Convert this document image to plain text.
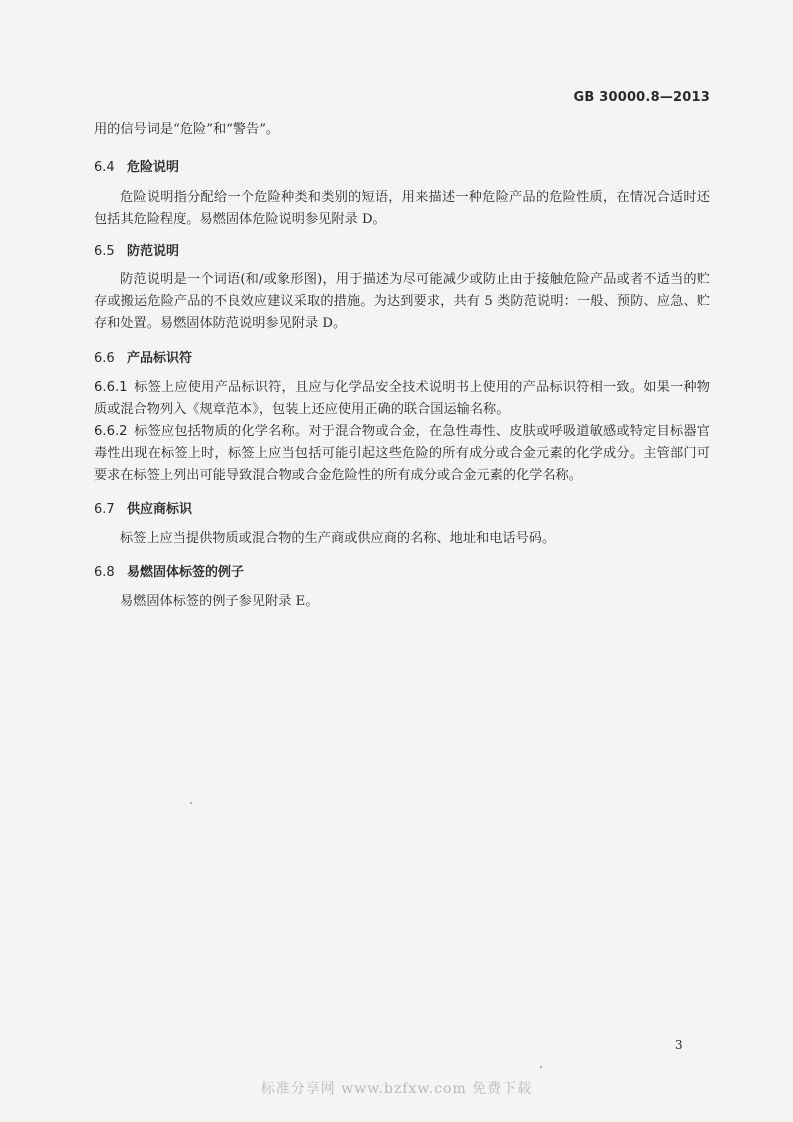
GB 30000.8—2013
用的信号词是“危险”和“警告”。
6.4 危险说明
危险说明指分配给一个危险种类和类别的短语，用来描述一种危险产品的危险性质，在情况合适时还包括其危险程度。易燃固体危险说明参见附录 D。
6.5 防范说明
防范说明是一个词语(和/或象形图)，用于描述为尽可能减少或防止由于接触危险产品或者不适当的贮存或搬运危险产品的不良效应建议采取的措施。为达到要求，共有 5 类防范说明：一般、预防、应急、贮存和处置。易燃固体防范说明参见附录 D。
6.6 产品标识符
6.6.1 标签上应使用产品标识符，且应与化学品安全技术说明书上使用的产品标识符相一致。如果一种物质或混合物列入《规章范本》，包装上还应使用正确的联合国运输名称。
6.6.2 标签应包括物质的化学名称。对于混合物或合金，在急性毒性、皮肤或呼吸道敏感或特定目标器官毒性出现在标签上时，标签上应当包括可能引起这些危险的所有成分或合金元素的化学成分。主管部门可要求在标签上列出可能导致混合物或合金危险性的所有成分或合金元素的化学名称。
6.7 供应商标识
标签上应当提供物质或混合物的生产商或供应商的名称、地址和电话号码。
6.8 易燃固体标签的例子
易燃固体标签的例子参见附录 E。
3
标准分享网 www.bzfxw.com 免费下载
